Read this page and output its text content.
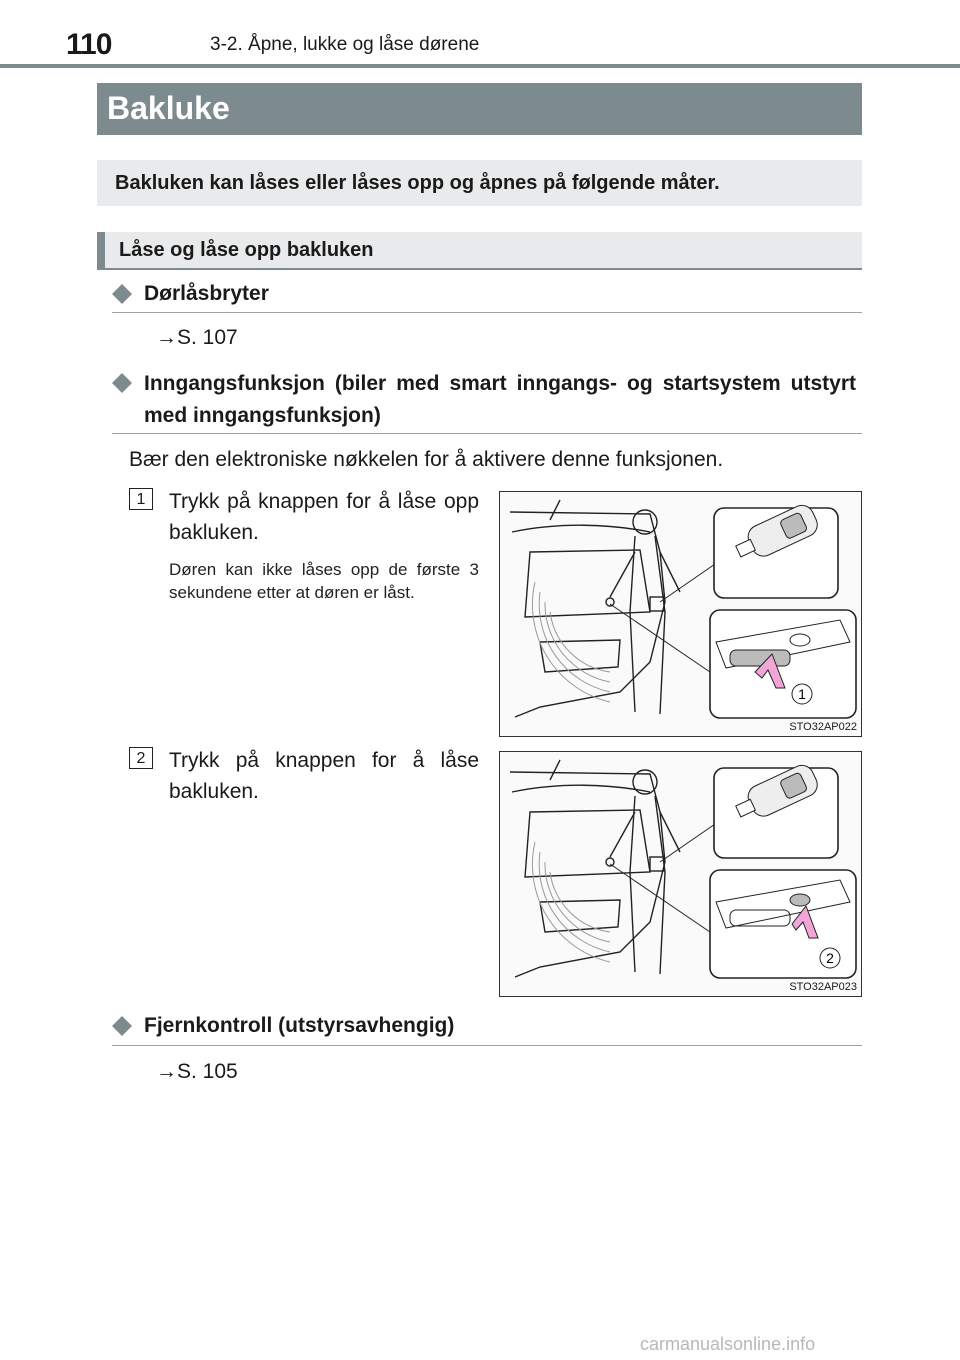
110	3-2. Åpne, lukke og låse dørene
Bakluke
Bakluken kan låses eller låses opp og åpnes på følgende måter.
Låse og låse opp bakluken
Dørlåsbryter
→S. 107
Inngangsfunksjon (biler med smart inngangs- og startsystem utstyrt med inngangsfunksjon)
Bær den elektroniske nøkkelen for å aktivere denne funksjonen.
1	Trykk på knappen for å låse opp bakluken.
Døren kan ikke låses opp de første 3 sekundene etter at døren er låst.
1
STO32AP022
2	Trykk på knappen for å låse bakluken.
2
STO32AP023
Fjernkontroll (utstyrsavhengig)
→S. 105
carmanualsonline.info
